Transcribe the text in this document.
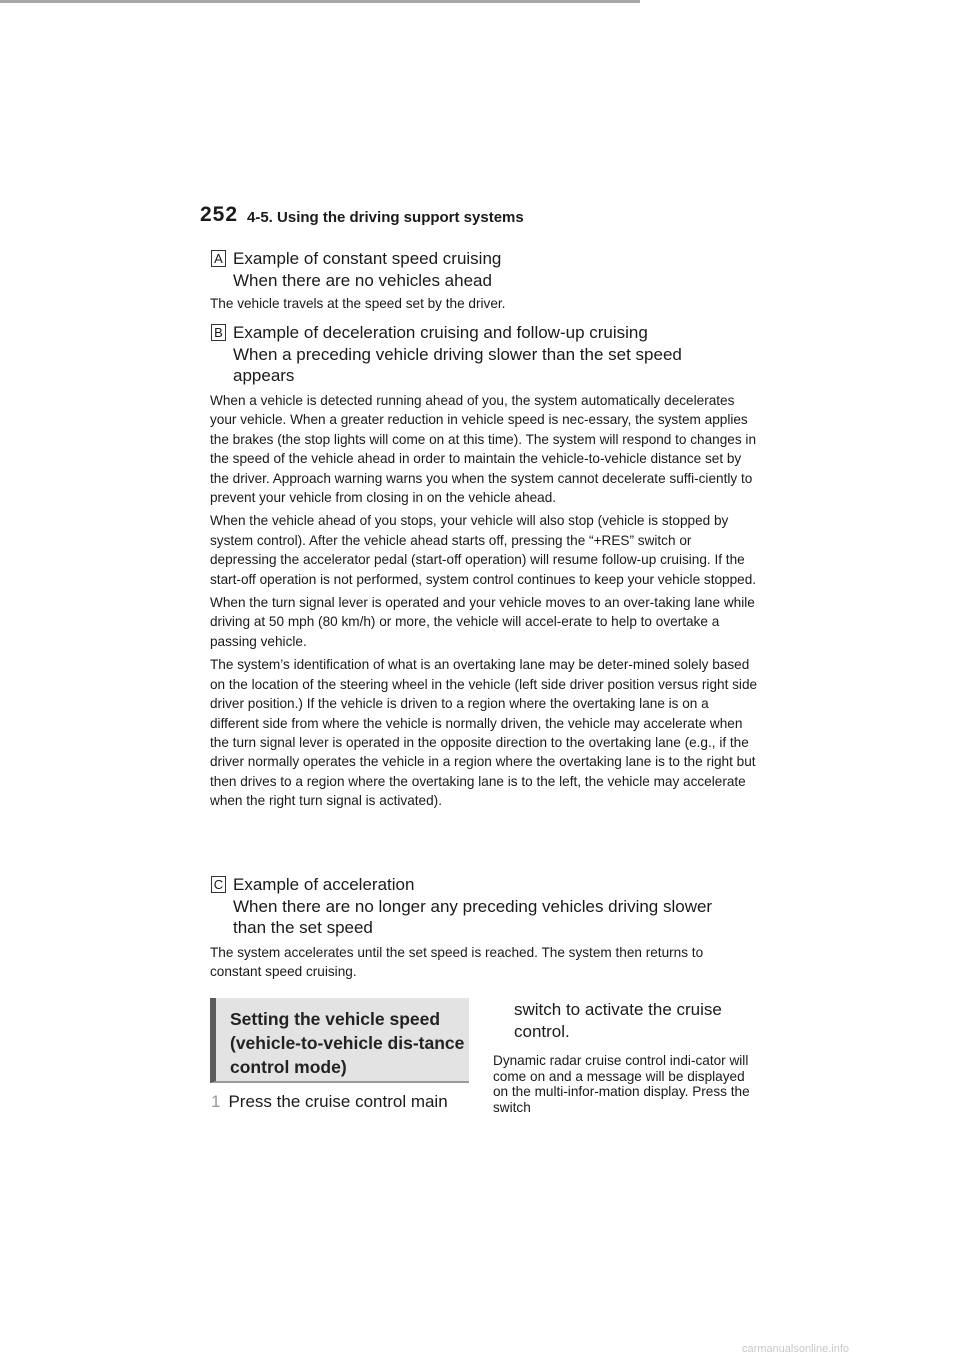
252 4-5. Using the driving support systems
A Example of constant speed cruising
When there are no vehicles ahead

The vehicle travels at the speed set by the driver.

B Example of deceleration cruising and follow-up cruising
When a preceding vehicle driving slower than the set speed
appears

When a vehicle is detected running ahead of you, the system automatically decelerates your vehicle. When a greater reduction in vehicle speed is nec-essary, the system applies the brakes (the stop lights will come on at this time). The system will respond to changes in the speed of the vehicle ahead in order to maintain the vehicle-to-vehicle distance set by the driver. Approach warning warns you when the system cannot decelerate suffi-ciently to prevent your vehicle from closing in on the vehicle ahead.

When the vehicle ahead of you stops, your vehicle will also stop (vehicle is stopped by system control). After the vehicle ahead starts off, pressing the “+RES” switch or depressing the accelerator pedal (start-off operation) will resume follow-up cruising. If the start-off operation is not performed, system control continues to keep your vehicle stopped.

When the turn signal lever is operated and your vehicle moves to an over-taking lane while driving at 50 mph (80 km/h) or more, the vehicle will accel-erate to help to overtake a passing vehicle.

The system’s identification of what is an overtaking lane may be deter-mined solely based on the location of the steering wheel in the vehicle (left side driver position versus right side driver position.) If the vehicle is driven to a region where the overtaking lane is on a different side from where the vehicle is normally driven, the vehicle may accelerate when the turn signal lever is operated in the opposite direction to the overtaking lane (e.g., if the driver normally operates the vehicle in a region where the overtaking lane is to the right but then drives to a region where the overtaking lane is to the left, the vehicle may accelerate when the right turn signal is activated).

C Example of acceleration
When there are no longer any preceding vehicles driving slower
than the set speed

The system accelerates until the set speed is reached. The system then returns to constant speed cruising.

Setting the vehicle speed (vehicle-to-vehicle dis-tance control mode)
1 Press the cruise control main
switch to activate the cruise control.
Dynamic radar cruise control indi-cator will come on and a message will be displayed on the multi-infor-mation display. Press the switch
carmanualsonline.info
